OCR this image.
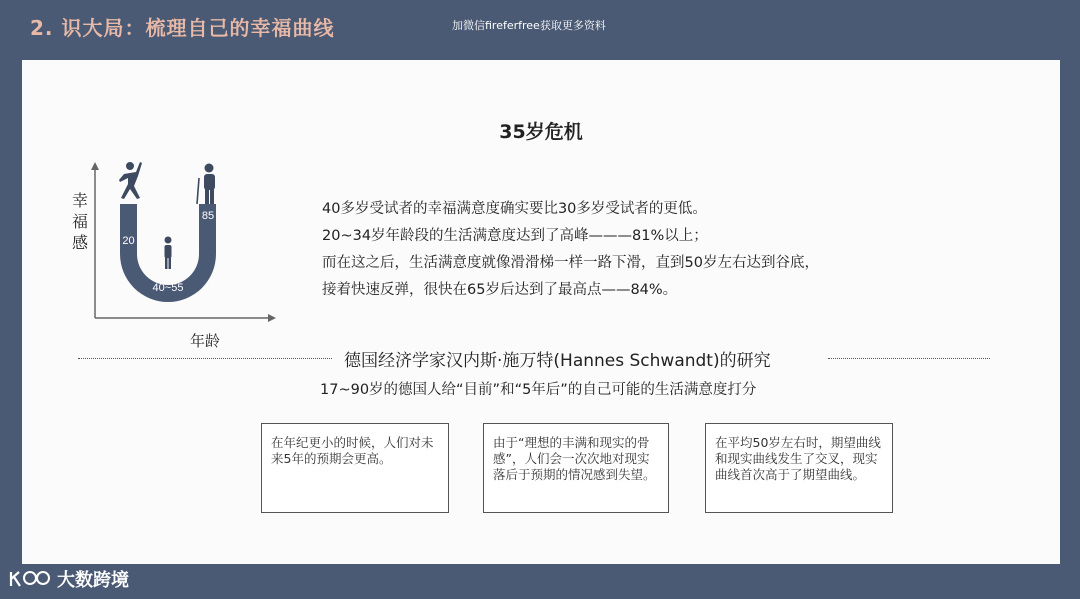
2. 识大局：梳理自己的幸福曲线	加微信fireferfree获取更多资料
35岁危机
20
85
40~55
幸福感
年龄
40多岁受试者的幸福满意度确实要比30多岁受试者的更低。
20~34岁年龄段的生活满意度达到了高峰———81%以上；
而在这之后，生活满意度就像滑滑梯一样一路下滑，直到50岁左右达到谷底，
接着快速反弹，很快在65岁后达到了最高点——84%。
德国经济学家汉内斯·施万特(Hannes Schwandt)的研究
17~90岁的德国人给“目前”和“5年后”的自己可能的生活满意度打分
在年纪更小的时候，人们对未来5年的预期会更高。
由于“理想的丰满和现实的骨感”，人们会一次次地对现实落后于预期的情况感到失望。
在平均50岁左右时，期望曲线和现实曲线发生了交叉，现实曲线首次高于了期望曲线。
大数跨境
